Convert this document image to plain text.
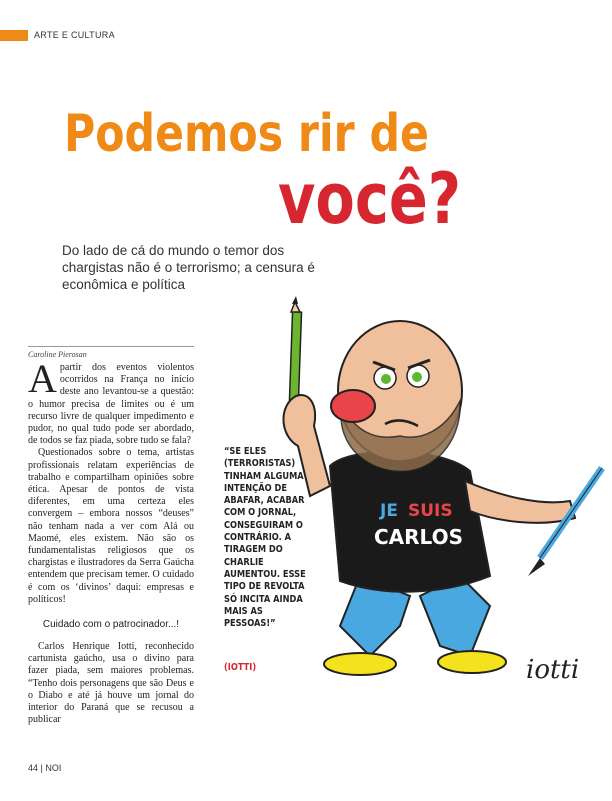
ARTE E CULTURA
Podemos rir de
você?
Do lado de cá do mundo o temor dos chargistas não é o terrorismo; a censura é econômica e política
Caroline Pierosan

Apartir dos eventos violentos ocorridos na França no início deste ano levantou-se a questão: o humor precisa de limites ou é um recurso livre de qualquer impedimento e pudor, no qual tudo pode ser abordado, de todos se faz piada, sobre tudo se fala?

Questionados sobre o tema, artistas profissionais relatam experiências de trabalho e compartilham opiniões sobre ética. Apesar de pontos de vista diferentes, em uma certeza eles convergem – embora nossos “deuses” não tenham nada a ver com Alá ou Maomé, eles existem. Não são os fundamentalistas religiosos que os chargistas e ilustradores da Serra Gaúcha entendem que precisam temer. O cuidado é com os ‘divinos’ daqui: empresas e políticos!

Cuidado com o patrocinador...!

Carlos Henrique Iotti, reconhecido cartunista gaúcho, usa o divino para fazer piada, sem maiores problemas. “Tenho dois personagens que são Deus e o Diabo e até já houve um jornal do interior do Paraná que se recusou a publicar

JE SUIS
CARLOS
iotti
“SE ELES (TERRORISTAS) TINHAM ALGUMA INTENÇÃO DE ABAFAR, ACABAR COM O JORNAL, CONSEGUIRAM O CONTRÁRIO. A TIRAGEM DO CHARLIE AUMENTOU. ESSE TIPO DE REVOLTA SÓ INCITA AINDA MAIS AS PESSOAS!”
(IOTTI)
44 | NOI
